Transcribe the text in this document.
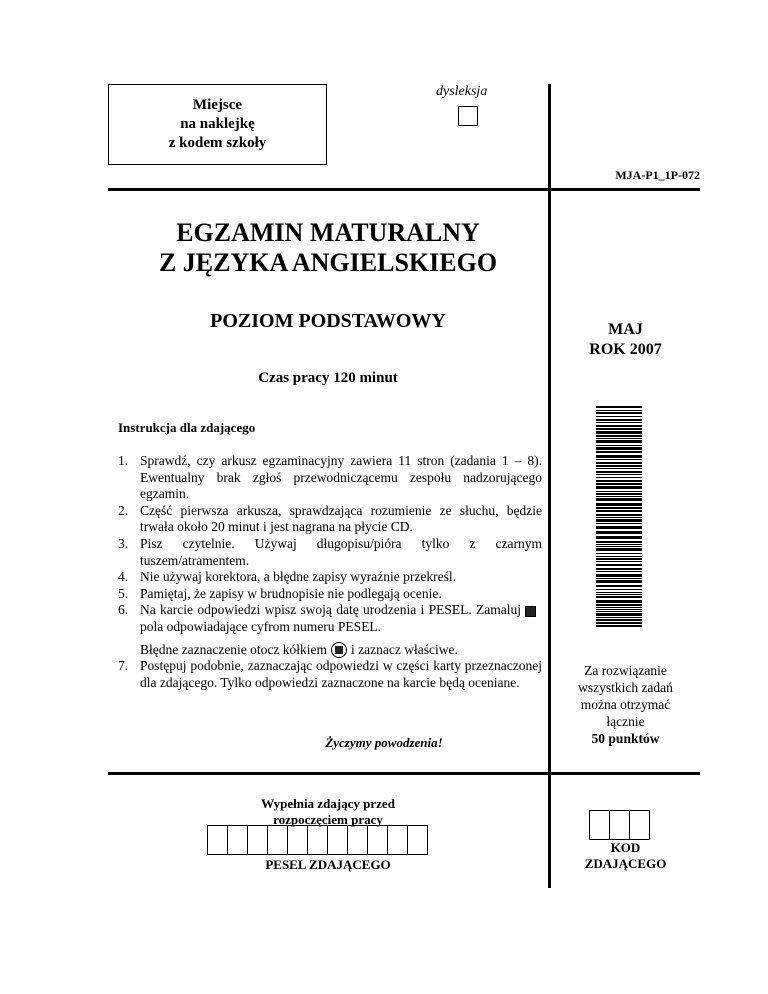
Miejsce
na naklejkę
z kodem szkoły
dysleksja
MJA-P1_1P-072
EGZAMIN MATURALNY
Z JĘZYKA ANGIELSKIEGO
POZIOM PODSTAWOWY	MAJ
ROK 2007
Czas pracy 120 minut
Instrukcja dla zdającego
1. Sprawdź, czy arkusz egzaminacyjny zawiera 11 stron (zadania 1 – 8). Ewentualny brak zgłoś przewodniczącemu zespołu nadzorującego egzamin.
2. Część pierwsza arkusza, sprawdzająca rozumienie ze słuchu, będzie trwała około 20 minut i jest nagrana na płycie CD.
3. Pisz czytelnie. Używaj długopisu/pióra tylko z czarnym tuszem/atramentem.
4. Nie używaj korektora, a błędne zapisy wyraźnie przekreśl.
5. Pamiętaj, że zapisy w brudnopisie nie podlegają ocenie.
6. Na karcie odpowiedzi wpisz swoją datę urodzenia i PESEL. Zamalujpola odpowiadające cyfrom numeru PESEL.
Błędne zaznaczenie otocz kółkiem i zaznacz właściwe.
7. Postępuj podobnie, zaznaczając odpowiedzi w części karty przeznaczonej dla zdającego. Tylko odpowiedzi zaznaczone na karcie będą oceniane.
Życzymy powodzenia!
Za rozwiązanie
wszystkich zadań
można otrzymać
łącznie
50 punktów
Wypełnia zdający przed
rozpoczęciem pracy
PESEL ZDAJĄCEGO
KOD
ZDAJĄCEGO
